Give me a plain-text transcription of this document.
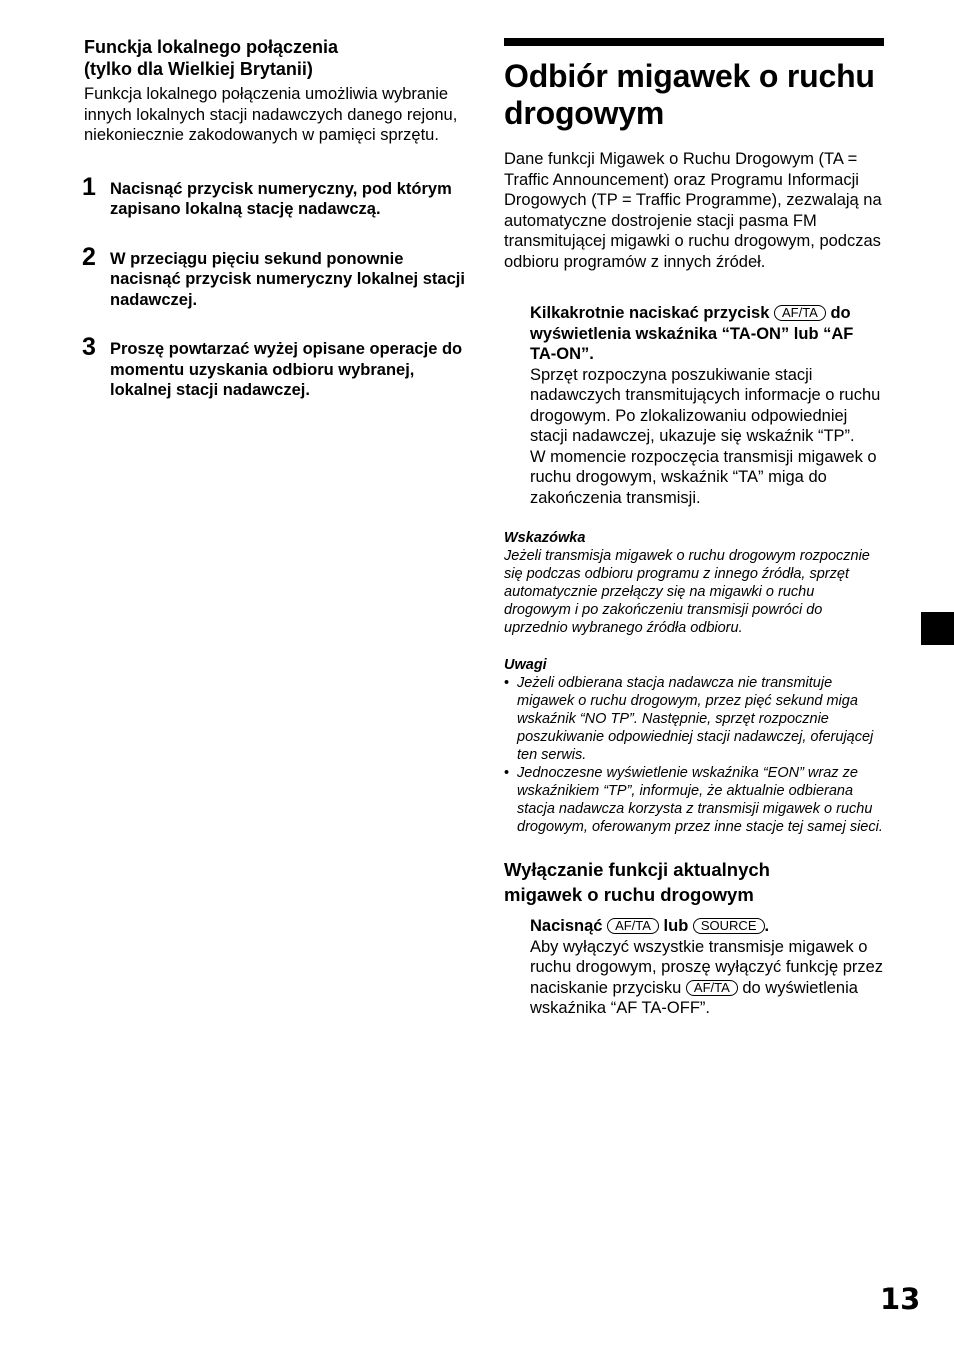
Funckja lokalnego połączenia
(tylko dla Wielkiej Brytanii)

Funkcja lokalnego połączenia umożliwia wybranie innych lokalnych stacji nadawczych danego rejonu, niekoniecznie zakodowanych w pamięci sprzętu.

1 Nacisnąć przycisk numeryczny, pod którym zapisano lokalną stację nadawczą.
2 W przeciągu pięciu sekund ponownie nacisnąć przycisk numeryczny lokalnej stacji nadawczej.
3 Proszę powtarzać wyżej opisane operacje do momentu uzyskania odbioru wybranej, lokalnej stacji nadawczej.
Odbiór migawek o ruchu
drogowym

Dane funkcji Migawek o Ruchu Drogowym (TA = Traffic Announcement) oraz Programu Informacji Drogowych (TP = Traffic Programme), zezwalają na automatyczne dostrojenie stacji pasma FM transmitującej migawki o ruchu drogowym, podczas odbioru programów z innych źródeł.

Kilkakrotnie naciskać przycisk AF/TA do wyświetlenia wskaźnika “TA-ON” lub “AF TA-ON”.

Sprzęt rozpoczyna poszukiwanie stacji nadawczych transmitujących informacje o ruchu drogowym. Po zlokalizowaniu odpowiedniej stacji nadawczej, ukazuje się wskaźnik “TP”.

W momencie rozpoczęcia transmisji migawek o ruchu drogowym, wskaźnik “TA” miga do zakończenia transmisji.

Wskazówka

Jeżeli transmisja migawek o ruchu drogowym rozpocznie się podczas odbioru programu z innego źródła, sprzęt automatycznie przełączy się na migawki o ruchu drogowym i po zakończeniu transmisji powróci do uprzednio wybranego źródła odbioru.

Uwagi

• Jeżeli odbierana stacja nadawcza nie transmituje migawek o ruchu drogowym, przez pięć sekund miga wskaźnik “NO TP”. Następnie, sprzęt rozpocznie poszukiwanie odpowiedniej stacji nadawczej, oferującej ten serwis.
• Jednoczesne wyświetlenie wskaźnika “EON” wraz ze wskaźnikiem “TP”, informuje, że aktualnie odbierana stacja nadawcza korzysta z transmisji migawek o ruchu drogowym, oferowanym przez inne stacje tej samej sieci.

Wyłączanie funkcji aktualnych
migawek o ruchu drogowym

Nacisnąć AF/TA lub SOURCE .

Aby wyłączyć wszystkie transmisje migawek o ruchu drogowym, proszę wyłączyć funkcję przez naciskanie przycisku AF/TA do wyświetlenia wskaźnika “AF TA-OFF”.

13
